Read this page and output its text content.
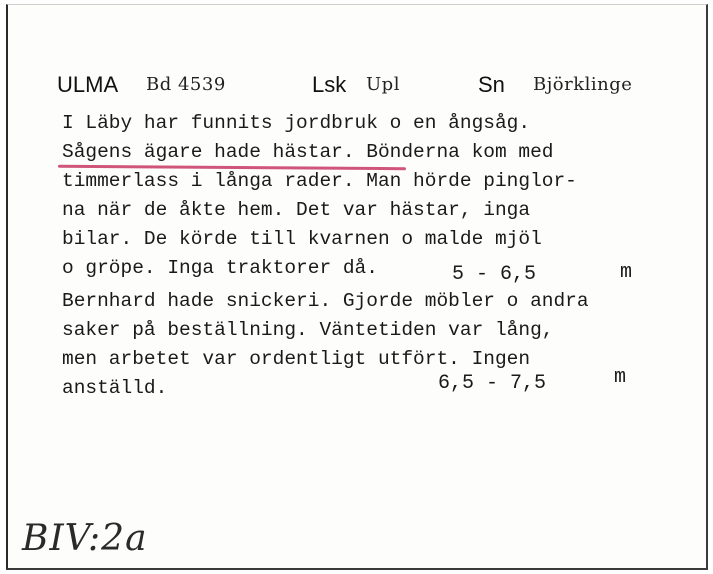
ULMA Bd 4539	Lsk Upl	Sn Björklinge
I Läby har funnits jordbruk o en ångsåg.
Sågens ägare hade hästar. Bönderna kom med
timmerlass i långa rader. Man hörde pinglor-
na när de åkte hem. Det var hästar, inga
bilar. De körde till kvarnen o malde mjöl
o gröpe. Inga traktorer då.
Bernhard hade snickeri. Gjorde möbler o andra
saker på beställning. Väntetiden var lång,
men arbetet var ordentligt utfört. Ingen
anställd.
5 - 6,5	m
6,5 - 7,5	m
BIV:2a
